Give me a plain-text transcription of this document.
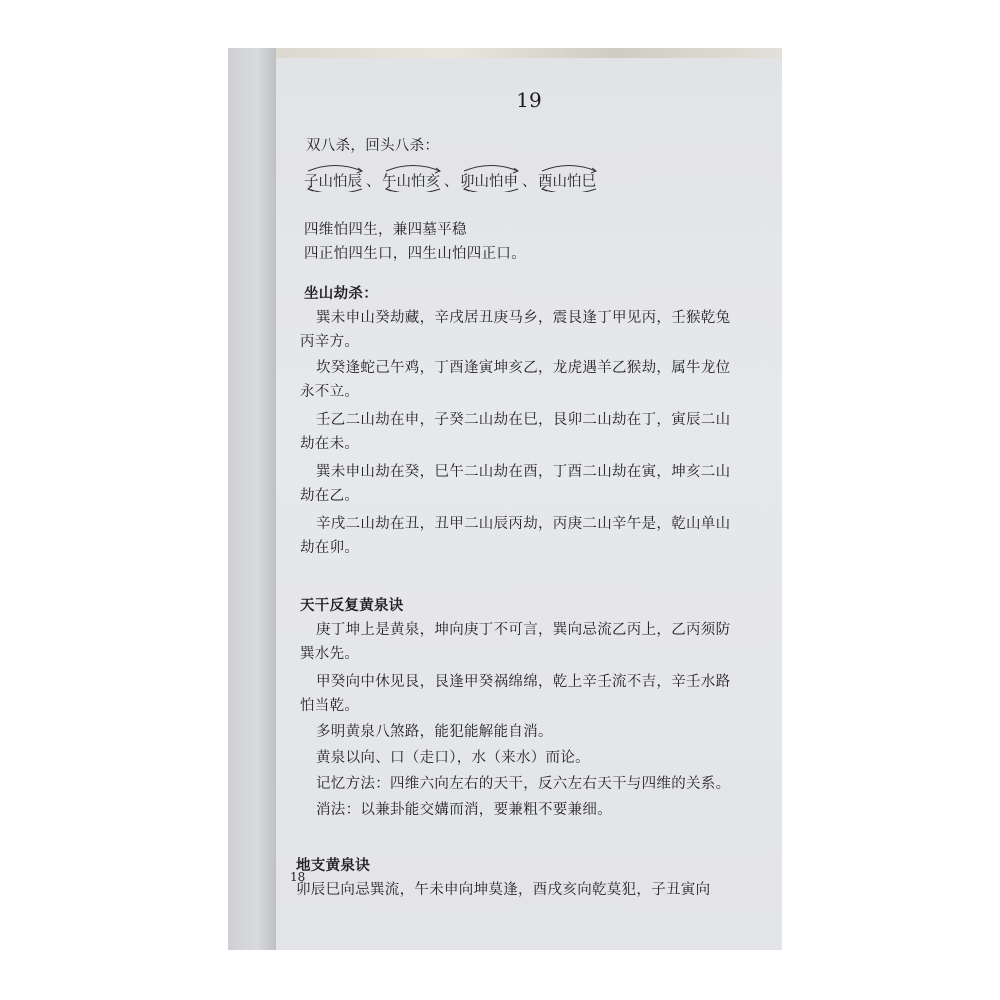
19
双八杀，回头八杀：
子山怕辰 、 午山怕亥 、 卯山怕申 、 酉山怕巳
四维怕四生，兼四墓平稳
四正怕四生口，四生山怕四正口。
坐山劫杀：
巽未申山癸劫藏，辛戌居丑庚马乡，震艮逢丁甲见丙，壬猴乾兔
丙辛方。
坎癸逢蛇己午鸡，丁酉逢寅坤亥乙，龙虎遇羊乙猴劫，属牛龙位
永不立。
壬乙二山劫在申，子癸二山劫在巳，艮卯二山劫在丁，寅辰二山
劫在未。
巽未申山劫在癸，巳午二山劫在酉，丁酉二山劫在寅，坤亥二山
劫在乙。
辛戌二山劫在丑，丑甲二山辰丙劫，丙庚二山辛午是，乾山单山
劫在卯。
天干反复黄泉诀
庚丁坤上是黄泉，坤向庚丁不可言，巽向忌流乙丙上，乙丙须防
巽水先。
甲癸向中休见艮，艮逢甲癸祸绵绵，乾上辛壬流不吉，辛壬水路
怕当乾。
多明黄泉八煞路，能犯能解能自消。
黄泉以向、口（走口），水（来水）而论。
记忆方法：四维六向左右的天干，反六左右天干与四维的关系。
消法：以兼卦能交媾而消，要兼粗不要兼细。
地支黄泉诀
卯辰巳向忌巽流，午未申向坤莫逢，酉戌亥向乾莫犯，子丑寅向
18
